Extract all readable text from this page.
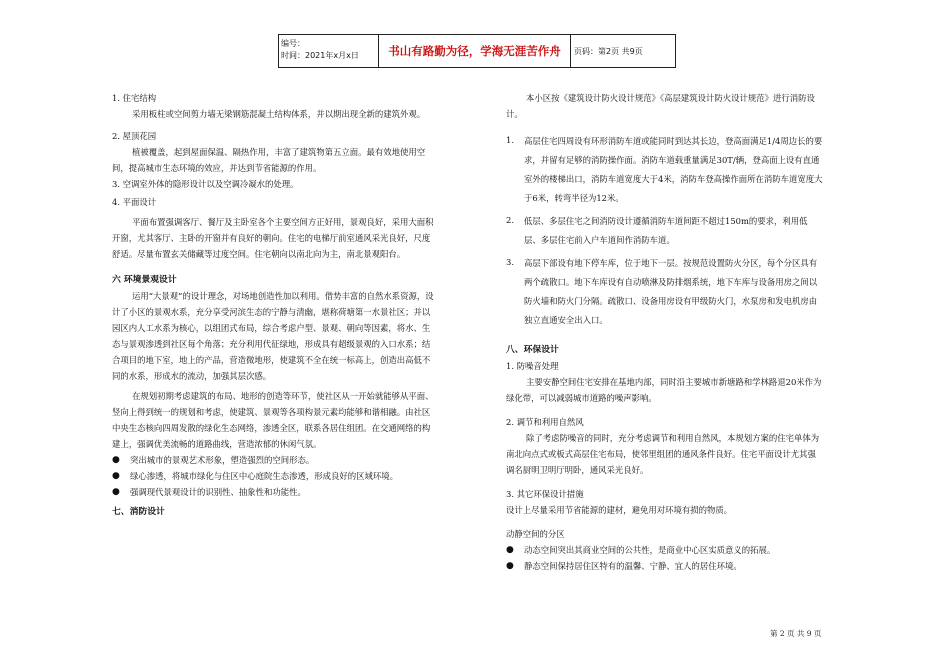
编号：
时间：2021年x月x日	书山有路勤为径，学海无涯苦作舟	页码：第2页 共9页

1. 住宅结构

采用板柱或空间剪力墙无梁钢筋混凝土结构体系，并以期出现全新的建筑外观。

2. 屋顶花园

植被覆盖，起到屋面保温、隔热作用，丰富了建筑物第五立面。最有效地使用空间，提高城市生态环境的效应，并达到节省能源的作用。

3. 空调室外体的隐形设计以及空调冷凝水的处理。

4. 平面设计

平面布置强调客厅、餐厅及主卧室各个主要空间方正好用，景观良好，采用大面积开窗，尤其客厅、主卧的开窗并有良好的朝向。住宅的电梯厅前室通风采光良好，尺度舒适。尽量布置玄关储藏等过度空间。住宅朝向以南北向为主，南北景观阳台。

六 环境景观设计

运用“大景观”的设计理念，对场地创造性加以利用。借势丰富的自然水系资源，设计了小区的景观水系，充分享受河滨生态的宁静与清幽，堪称荷塘第一水景社区；并以园区内人工水系为核心，以组团式布局，综合考虑户型、景观、朝向等因素，将水、生态与景观渗透到社区每个角落；充分利用代征绿地，形成具有超级景观的入口水系；结合项目的地下室，地上的产品，营造微地形，使建筑不全在统一标高上，创造出高低不同的水系，形成水的流动，加强其层次感。

在规划初期考虑建筑的布局、地形的创造等环节，使社区从一开始就能够从平面、竖向上得到统一的规划和考虑，使建筑、景观等各项构景元素均能够和谐相融。由社区中央生态核向四周发散的绿化生态网络，渗透全区，联系各居住组团。在交通网络的构建上，强调优美流畅的道路曲线，营造浓郁的休闲气氛。

●	突出城市的景观艺术形象，塑造强烈的空间形态。
●	绿心渗透，将城市绿化与住区中心庭院生态渗透，形成良好的区域环境。
●	强调现代景观设计的识别性、抽象性和功能性。

七、消防设计

本小区按《建筑设计防火设计规范》《高层建筑设计防火设计规范》进行消防设计。

1.	高层住宅四周设有环形消防车道或能同时到达其长边，登高面满足1/4周边长的要求，并留有足够的消防操作面。消防车道载重量满足30T/辆，登高面上设有直通室外的楼梯出口，消防车道宽度大于4米，消防车登高操作面所在消防车道宽度大于6米，转弯半径为12米。
2.	低层、多层住宅之间消防设计遵循消防车道间距不超过150m的要求，利用低层、多层住宅前入户车道间作消防车道。
3.	高层下部设有地下停车库，位于地下一层。按规范设置防火分区，每个分区具有两个疏散口。地下车库设有自动喷淋及防排烟系统，地下车库与设备用房之间以防火墙和防火门分隔。疏散口、设备用房设有甲级防火门，水泵房和发电机房由独立直通安全出入口。

八、环保设计

1. 防噪音处理

主要安静空间住宅安排在基地内部，同时沿主要城市新塘路和学林路退20米作为绿化带，可以减弱城市道路的噪声影响。

2. 调节和利用自然风

除了考虑防噪音的同时，充分考虑调节和利用自然风，本规划方案的住宅单体为南北向点式或板式高层住宅布局，使邻里组团的通风条件良好。住宅平面设计尤其强调名厨明卫明厅明卧，通风采光良好。

3. 其它环保设计措施

设计上尽量采用节省能源的建材，避免用对环境有损的物质。

动静空间的分区

●	动态空间突出其商业空间的公共性，是商业中心区实质意义的拓展。
●	静态空间保持居住区特有的温馨、宁静、宜人的居住环境。
第 2 页 共 9 页
